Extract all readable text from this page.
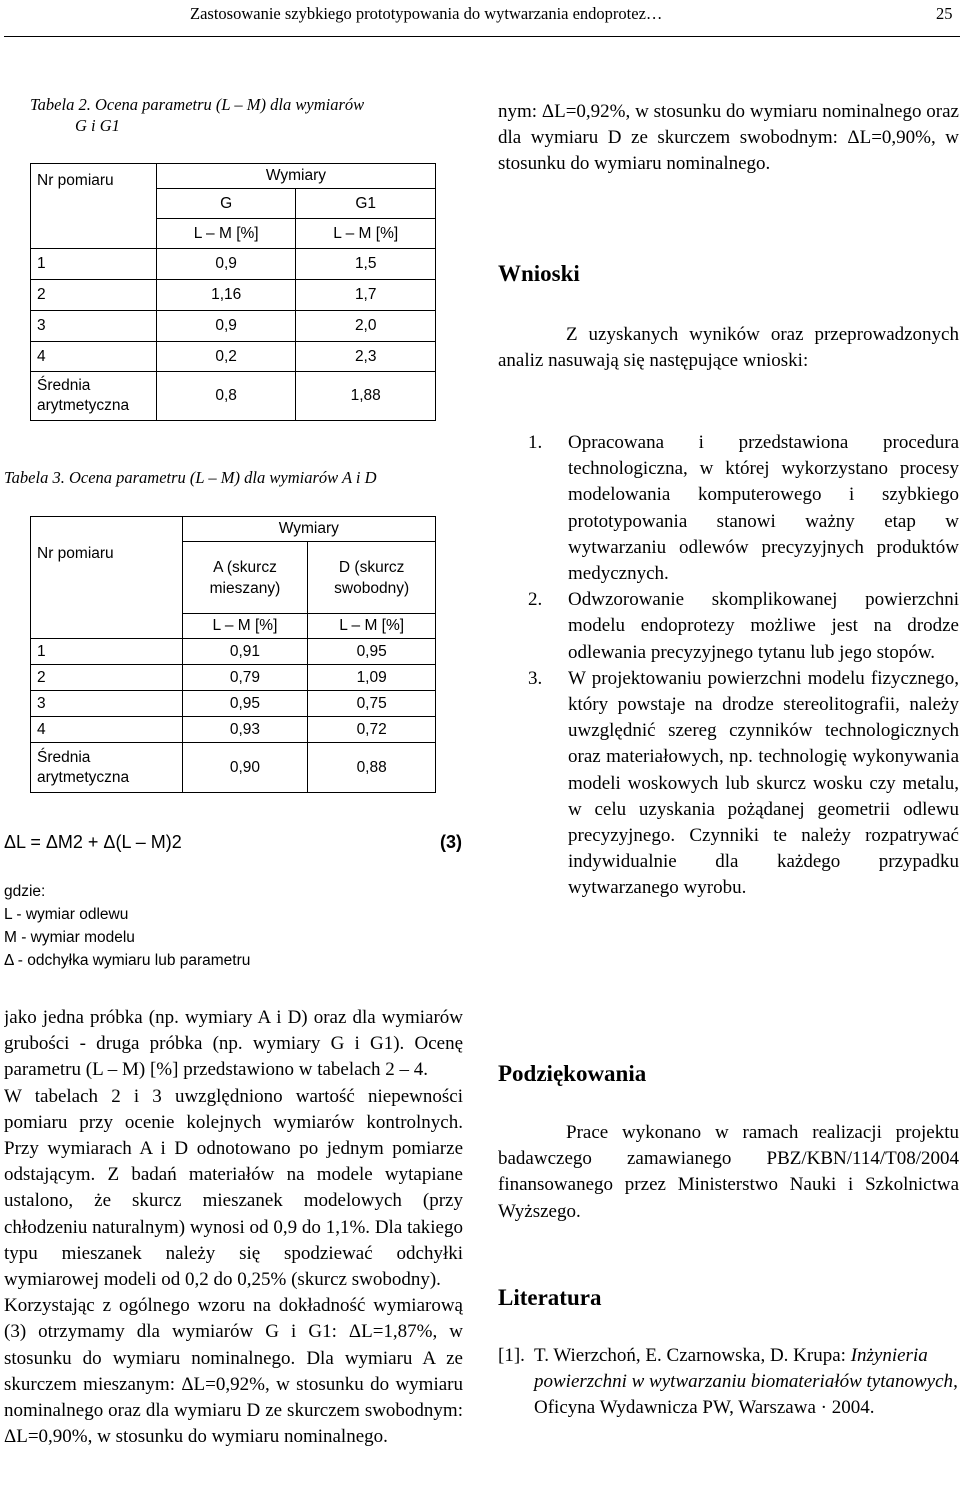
Zastosowanie szybkiego prototypowania do wytwarzania endoprotez…	25
Tabela 2. Ocena parametru (L – M) dla wymiarów
G i G1
Nr pomiaru	Wymiary	
	G	G1
	L – M [%]	L – M [%]
1	0,9	1,5
2	1,16	1,7
3	0,9	2,0
4	0,2	2,3
Średnia arytmetyczna	0,8	1,88
Tabela 3. Ocena parametru (L – M) dla wymiarów A i D
Nr pomiaru	Wymiary	
	A (skurcz mieszany)	D (skurcz swobodny)
	L – M [%]	L – M [%]
1	0,91	0,95
2	0,79	1,09
3	0,95	0,75
4	0,93	0,72
Średnia arytmetyczna	0,90	0,88
ΔL = ΔM2 + Δ(L – M)2	(3)
gdzie:
L - wymiar odlewu
M - wymiar modelu
Δ - odchyłka wymiaru lub parametru

jako jedna próbka (np. wymiary A i D) oraz dla wymiarów grubości - druga próbka (np. wymiary G i G1). Ocenę parametru (L – M) [%] przedstawiono w tabelach 2 – 4.

W tabelach 2 i 3 uwzględniono wartość niepewności pomiaru przy ocenie kolejnych wymiarów kontrolnych. Przy wymiarach A i D odnotowano po jednym pomiarze odstającym. Z badań materiałów na modele wytapiane ustalono, że skurcz mieszanek modelowych (przy chłodzeniu naturalnym) wynosi od 0,9 do 1,1%. Dla takiego typu mieszanek należy się spodziewać odchyłki wymiarowej modeli od 0,2 do 0,25% (skurcz swobodny).

Korzystając z ogólnego wzoru na dokładność wymiarową (3) otrzymamy dla wymiarów G i G1: ΔL=1,87%, w stosunku do wymiaru nominalnego. Dla wymiaru A ze skurczem mieszanym: ΔL=0,92%, w stosunku do wymiaru nominalnego oraz dla wymiaru D ze skurczem swobodnym: ΔL=0,90%, w stosunku do wymiaru nominalnego.

nym: ΔL=0,92%, w stosunku do wymiaru nominalnego oraz dla wymiaru D ze skurczem swobodnym: ΔL=0,90%, w stosunku do wymiaru nominalnego.

Wnioski

Z uzyskanych wyników oraz przeprowadzonych analiz nasuwają się następujące wnioski:

1. Opracowana i przedstawiona procedura technologiczna, w której wykorzystano procesy modelowania komputerowego i szybkiego prototypowania stanowi ważny etap w wytwarzaniu odlewów precyzyjnych produktów medycznych.
2. Odwzorowanie skomplikowanej powierzchni modelu endoprotezy możliwe jest na drodze odlewania precyzyjnego tytanu lub jego stopów.
3. W projektowaniu powierzchni modelu fizycznego, który powstaje na drodze stereolitografii, należy uwzględnić szereg czynników technologicznych oraz materiałowych, np. technologię wykonywania modeli woskowych lub skurcz wosku czy metalu, w celu uzyskania pożądanej geometrii odlewu precyzyjnego. Czynniki te należy rozpatrywać indywidualnie dla każdego przypadku wytwarzanego wyrobu.
Podziękowania

Prace wykonano w ramach realizacji projektu badawczego zamawianego PBZ/KBN/114/T08/2004 finansowanego przez Ministerstwo Nauki i Szkolnictwa Wyższego.

Literatura
[1]. T. Wierzchoń, E. Czarnowska, D. Krupa: Inżynieria powierzchni w wytwarzaniu biomateriałów tytanowych, Oficyna Wydawnicza PW, Warszawa · 2004.
